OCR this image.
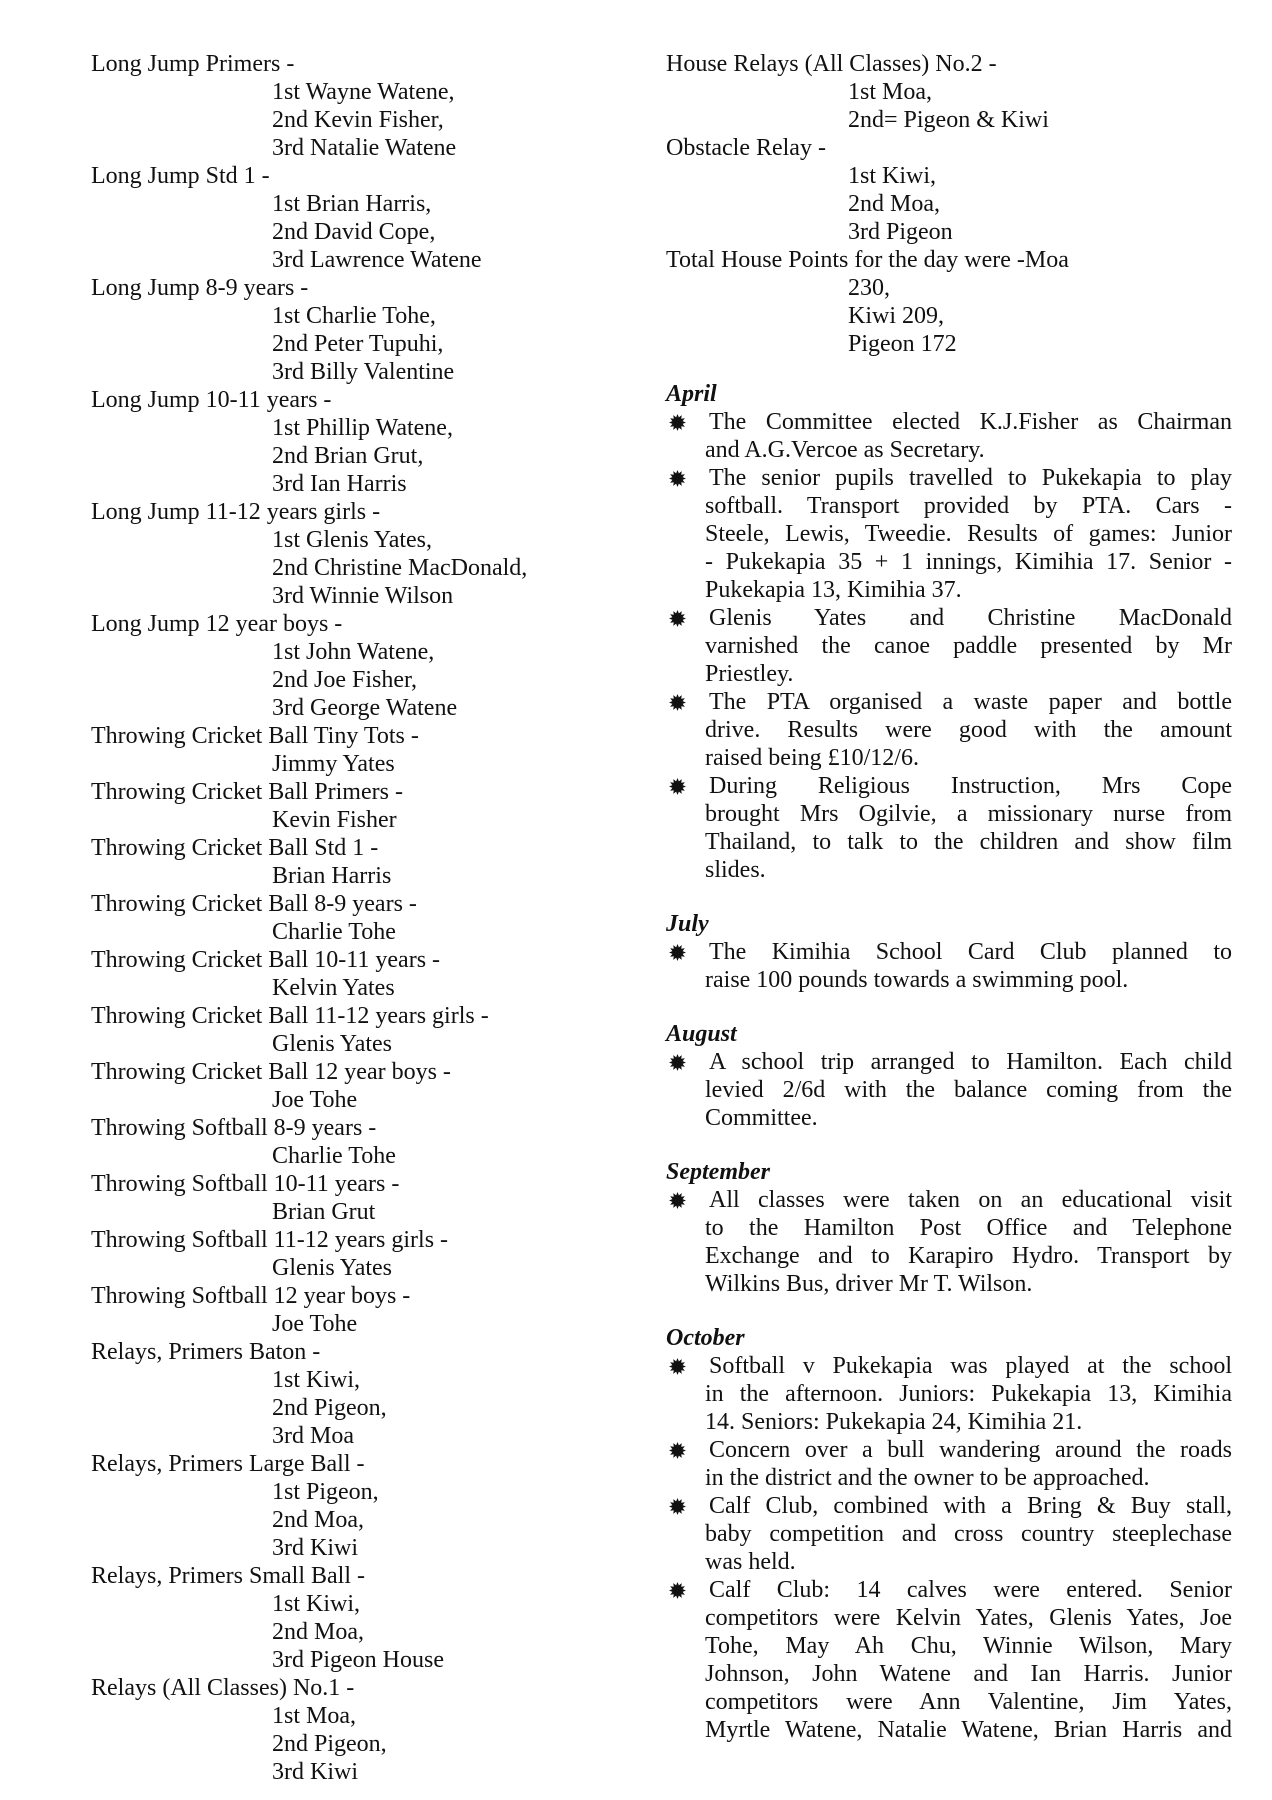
Long Jump Primers -
1st Wayne Watene,
2nd Kevin Fisher,
3rd Natalie Watene
Long Jump Std 1 -
1st Brian Harris,
2nd David Cope,
3rd Lawrence Watene
Long Jump 8-9 years -
1st Charlie Tohe,
2nd Peter Tupuhi,
3rd Billy Valentine
Long Jump 10-11 years -
1st Phillip Watene,
2nd Brian Grut,
3rd Ian Harris
Long Jump 11-12 years girls -
1st Glenis Yates,
2nd Christine MacDonald,
3rd Winnie Wilson
Long Jump 12 year boys -
1st John Watene,
2nd Joe Fisher,
3rd George Watene
Throwing Cricket Ball Tiny Tots -
Jimmy Yates
Throwing Cricket Ball Primers -
Kevin Fisher
Throwing Cricket Ball Std 1 -
Brian Harris
Throwing Cricket Ball 8-9 years -
Charlie Tohe
Throwing Cricket Ball 10-11 years -
Kelvin Yates
Throwing Cricket Ball 11-12 years girls -
Glenis Yates
Throwing Cricket Ball 12 year boys -
Joe Tohe
Throwing Softball 8-9 years -
Charlie Tohe
Throwing Softball 10-11 years -
Brian Grut
Throwing Softball 11-12 years girls -
Glenis Yates
Throwing Softball 12 year boys -
Joe Tohe
Relays, Primers Baton -
1st Kiwi,
2nd Pigeon,
3rd Moa
Relays, Primers Large Ball -
1st Pigeon,
2nd Moa,
3rd Kiwi
Relays, Primers Small Ball -
1st Kiwi,
2nd Moa,
3rd Pigeon House
Relays (All Classes) No.1 -
1st Moa,
2nd Pigeon,
3rd Kiwi
House Relays (All Classes) No.2 -
1st Moa,
2nd= Pigeon & Kiwi
Obstacle Relay -
1st Kiwi,
2nd Moa,
3rd Pigeon
Total House Points for the day were -Moa
230,
Kiwi 209,
Pigeon 172
April
The Committee elected K.J.Fisher as Chairman
and A.G.Vercoe as Secretary.
The senior pupils travelled to Pukekapia to play
softball. Transport provided by PTA. Cars -
Steele, Lewis, Tweedie. Results of games: Junior
- Pukekapia 35 + 1 innings, Kimihia 17. Senior -
Pukekapia 13, Kimihia 37.
Glenis Yates and Christine MacDonald
varnished the canoe paddle presented by Mr
Priestley.
The PTA organised a waste paper and bottle
drive. Results were good with the amount
raised being £10/12/6.
During Religious Instruction, Mrs Cope
brought Mrs Ogilvie, a missionary nurse from
Thailand, to talk to the children and show film
slides.
July
The Kimihia School Card Club planned to
raise 100 pounds towards a swimming pool.
August
A school trip arranged to Hamilton. Each child
levied 2/6d with the balance coming from the
Committee.
September
All classes were taken on an educational visit
to the Hamilton Post Office and Telephone
Exchange and to Karapiro Hydro. Transport by
Wilkins Bus, driver Mr T. Wilson.
October
Softball v Pukekapia was played at the school
in the afternoon. Juniors: Pukekapia 13, Kimihia
14. Seniors: Pukekapia 24, Kimihia 21.
Concern over a bull wandering around the roads
in the district and the owner to be approached.
Calf Club, combined with a Bring & Buy stall,
baby competition and cross country steeplechase
was held.
Calf Club: 14 calves were entered. Senior
competitors were Kelvin Yates, Glenis Yates, Joe
Tohe, May Ah Chu, Winnie Wilson, Mary
Johnson, John Watene and Ian Harris. Junior
competitors were Ann Valentine, Jim Yates,
Myrtle Watene, Natalie Watene, Brian Harris and
